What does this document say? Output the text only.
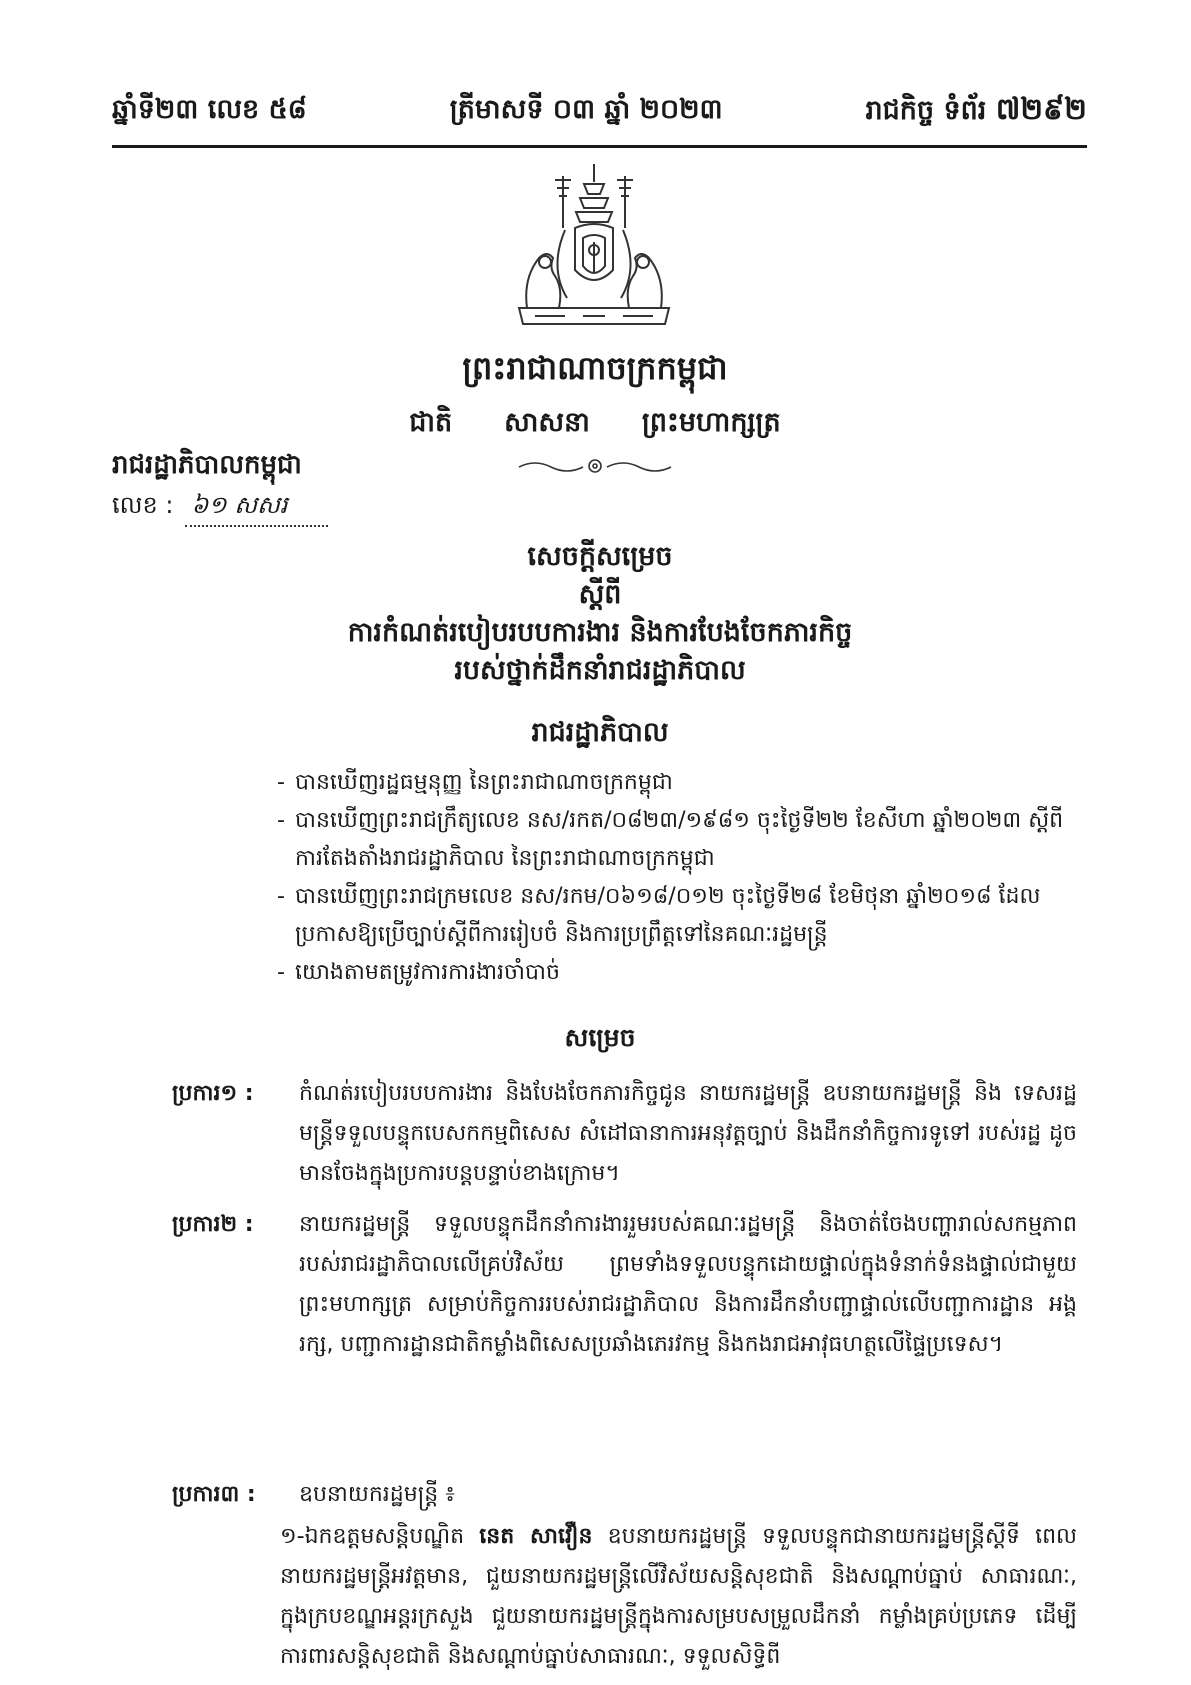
ឆ្នាំទី២៣ លេខ ៥៨	ត្រីមាសទី ០៣ ឆ្នាំ ២០២៣	រាជកិច្ច ទំព័រ ៧២៩២
ព្រះរាជាណាចក្រកម្ពុជា
ជាតិ សាសនា ព្រះមហាក្សត្រ
រាជរដ្ឋាភិបាលកម្ពុជា
លេខ : ៦១ សសរ
សេចក្តីសម្រេច
ស្តីពី
ការកំណត់របៀបរបបការងារ និងការបែងចែកភារកិច្ច
របស់ថ្នាក់ដឹកនាំរាជរដ្ឋាភិបាល
រាជរដ្ឋាភិបាល
- បានឃើញរដ្ឋធម្មនុញ្ញ នៃព្រះរាជាណាចក្រកម្ពុជា
- បានឃើញព្រះរាជក្រឹត្យលេខ នស/រកត/០៨២៣/១៩៨១ ចុះថ្ងៃទី២២ ខែសីហា ឆ្នាំ២០២៣ ស្តីពី ការតែងតាំងរាជរដ្ឋាភិបាល នៃព្រះរាជាណាចក្រកម្ពុជា
- បានឃើញព្រះរាជក្រមលេខ នស/រកម/០៦១៨/០១២ ចុះថ្ងៃទី២៨ ខែមិថុនា ឆ្នាំ២០១៨ ដែល ប្រកាសឱ្យប្រើច្បាប់ស្តីពីការរៀបចំ និងការប្រព្រឹត្តទៅនៃគណៈរដ្ឋមន្ត្រី
- យោងតាមតម្រូវការការងារចាំបាច់
សម្រេច
ប្រការ១ :	កំណត់របៀបរបបការងារ និងបែងចែកភារកិច្ចជូន នាយករដ្ឋមន្ត្រី ឧបនាយករដ្ឋមន្ត្រី និង ទេសរដ្ឋមន្ត្រីទទួលបន្ទុកបេសកកម្មពិសេស សំដៅធានាការអនុវត្តច្បាប់ និងដឹកនាំកិច្ចការទូទៅ របស់រដ្ឋ ដូចមានចែងក្នុងប្រការបន្តបន្ទាប់ខាងក្រោម។
ប្រការ២ :	នាយករដ្ឋមន្ត្រី ទទួលបន្ទុកដឹកនាំការងាររួមរបស់គណៈរដ្ឋមន្ត្រី និងចាត់ចែងបញ្ហារាល់សកម្មភាព របស់រាជរដ្ឋាភិបាលលើគ្រប់វិស័យ ព្រមទាំងទទួលបន្ទុកដោយផ្ទាល់ក្នុងទំនាក់ទំនងផ្ទាល់ជាមួយ ព្រះមហាក្សត្រ សម្រាប់កិច្ចការរបស់រាជរដ្ឋាភិបាល និងការដឹកនាំបញ្ជាផ្ទាល់លើបញ្ជាការដ្ឋាន អង្គរក្ស, បញ្ជាការដ្ឋានជាតិកម្លាំងពិសេសប្រឆាំងភេរវកម្ម និងកងរាជអាវុធហត្ថលើផ្ទៃប្រទេស។
ប្រការ៣ :	ឧបនាយករដ្ឋមន្ត្រី ៖
១-ឯកឧត្តមសន្តិបណ្ឌិត នេត សាវឿន ឧបនាយករដ្ឋមន្ត្រី ទទួលបន្ទុកជានាយករដ្ឋមន្ត្រីស្តីទី ពេលនាយករដ្ឋមន្ត្រីអវត្តមាន, ជួយនាយករដ្ឋមន្ត្រីលើវិស័យសន្តិសុខជាតិ និងសណ្តាប់ធ្នាប់ សាធារណៈ, ក្នុងក្របខណ្ឌអន្តរក្រសួង ជួយនាយករដ្ឋមន្ត្រីក្នុងការសម្របសម្រួលដឹកនាំ កម្លាំងគ្រប់ប្រភេទ ដើម្បីការពារសន្តិសុខជាតិ និងសណ្តាប់ធ្នាប់សាធារណៈ, ទទួលសិទ្ធិពី
